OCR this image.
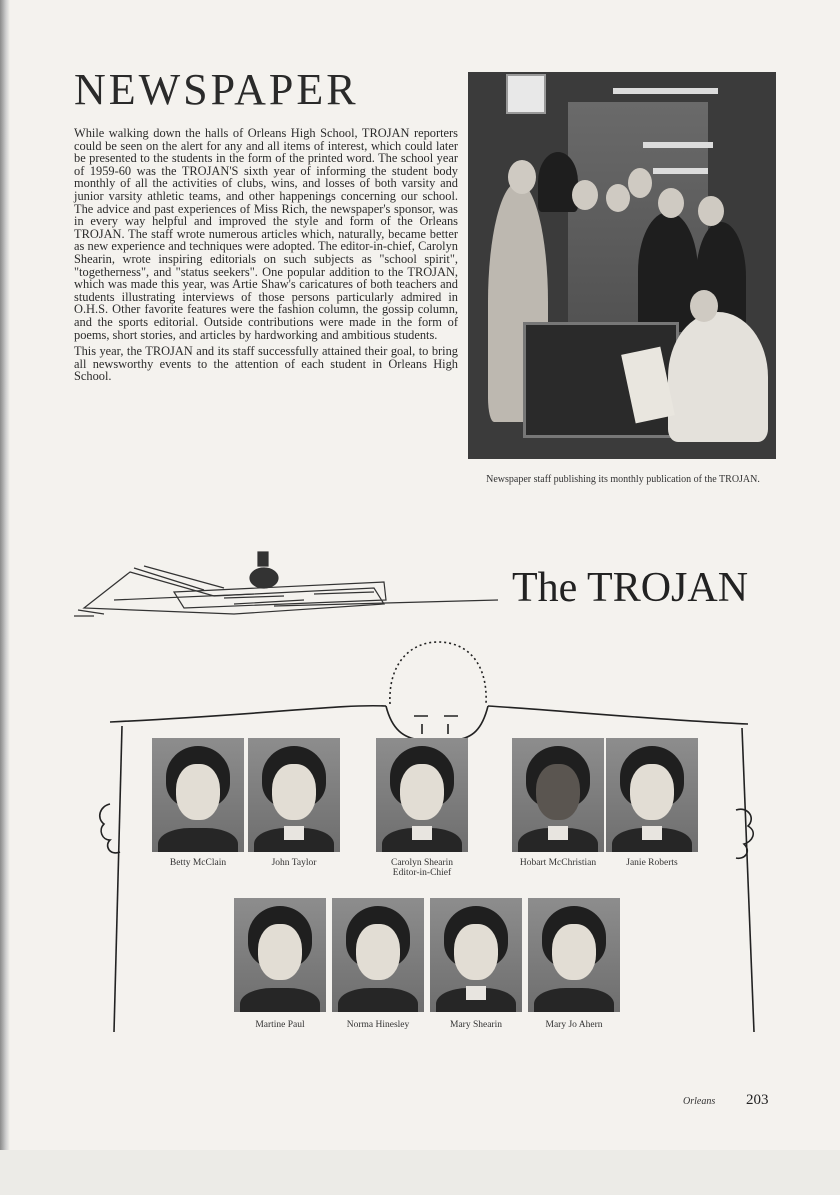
NEWSPAPER

While walking down the halls of Orleans High School, TROJAN reporters could be seen on the alert for any and all items of interest, which could later be presented to the students in the form of the printed word. The school year of 1959-60 was the TROJAN'S sixth year of informing the student body monthly of all the activities of clubs, wins, and losses of both varsity and junior varsity athletic teams, and other happenings concerning our school. The advice and past experiences of Miss Rich, the newspaper's sponsor, was in every way helpful and improved the style and form of the Orleans TROJAN. The staff wrote numerous articles which, naturally, became better as new experience and techniques were adopted. The editor-in-chief, Carolyn Shearin, wrote inspiring editorials on such subjects as "school spirit", "togetherness", and "status seekers". One popular addition to the TROJAN, which was made this year, was Artie Shaw's caricatures of both teachers and students illustrating interviews of those persons particularly admired in O.H.S. Other favorite features were the fashion column, the gossip column, and the sports editorial. Outside contributions were made in the form of poems, short stories, and articles by hardworking and ambitious students.

This year, the TROJAN and its staff successfully attained their goal, to bring all newsworthy events to the attention of each student in Orleans High School.

Newspaper staff publishing its monthly publication of the TROJAN.
The TROJAN
Betty McClain	John Taylor	Carolyn Shearin
Editor-in-Chief
Hobart McChristian	Janie Roberts
Martine Paul	Norma Hinesley	Mary Shearin	Mary Jo Ahern
Orleans 203
